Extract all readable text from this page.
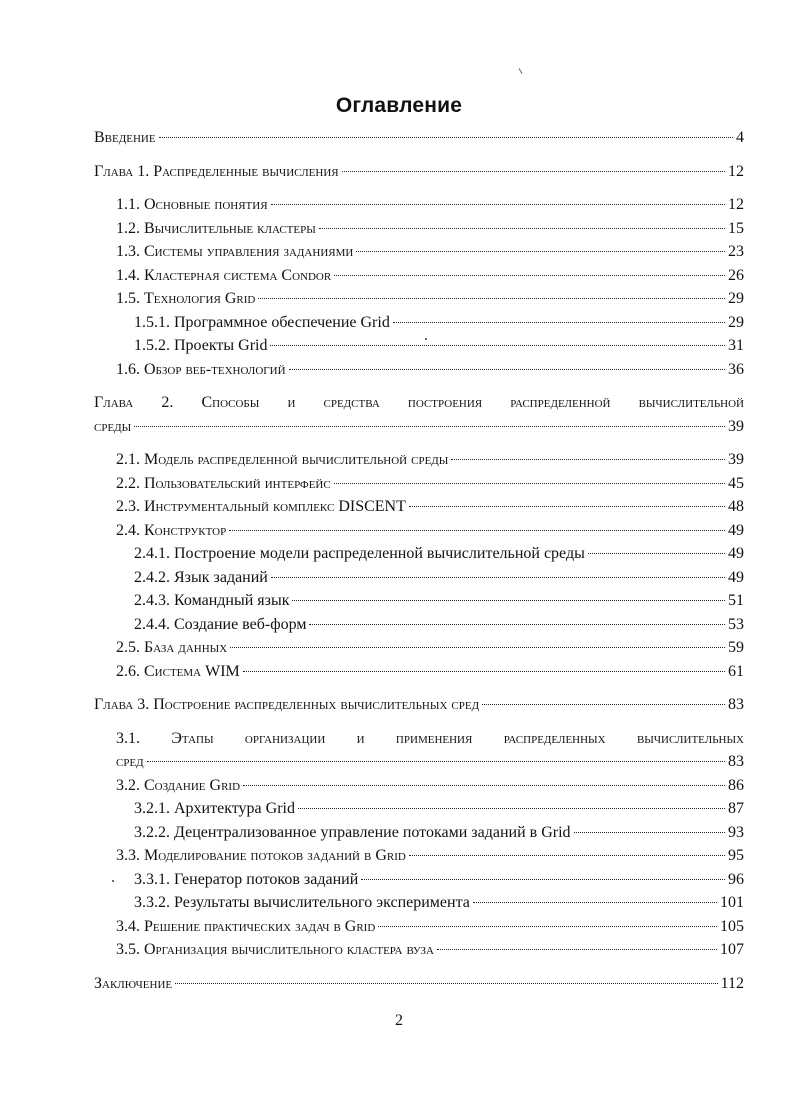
Оглавление
Введение	4
Глава 1. Распределенные вычисления	12
1.1. Основные понятия	12
1.2. Вычислительные кластеры	15
1.3. Системы управления заданиями	23
1.4. Кластерная система Condor	26
1.5. Технология Grid	29
1.5.1. Программное обеспечение Grid	29
1.5.2. Проекты Grid	31
1.6. Обзор веб-технологий	36
Глава 2. Способы и средства построения распределенной вычислительной
среды	39
2.1. Модель распределенной вычислительной среды	39
2.2. Пользовательский интерфейс	45
2.3. Инструментальный комплекс DISCENT	48
2.4. Конструктор	49
2.4.1. Построение модели распределенной вычислительной среды	49
2.4.2. Язык заданий	49
2.4.3. Командный язык	51
2.4.4. Создание веб-форм	53
2.5. База данных	59
2.6. Система WIM	61
Глава 3. Построение распределенных вычислительных сред	83
3.1. Этапы организации и применения распределенных вычислительных
сред	83
3.2. Создание Grid	86
3.2.1. Архитектура Grid	87
3.2.2. Децентрализованное управление потоками заданий в Grid	93
3.3. Моделирование потоков заданий в Grid	95
3.3.1. Генератор потоков заданий	96
3.3.2. Результаты вычислительного эксперимента	101
3.4. Решение практических задач в Grid	105
3.5. Организация вычислительного кластера вуза	107
Заключение	112
2
